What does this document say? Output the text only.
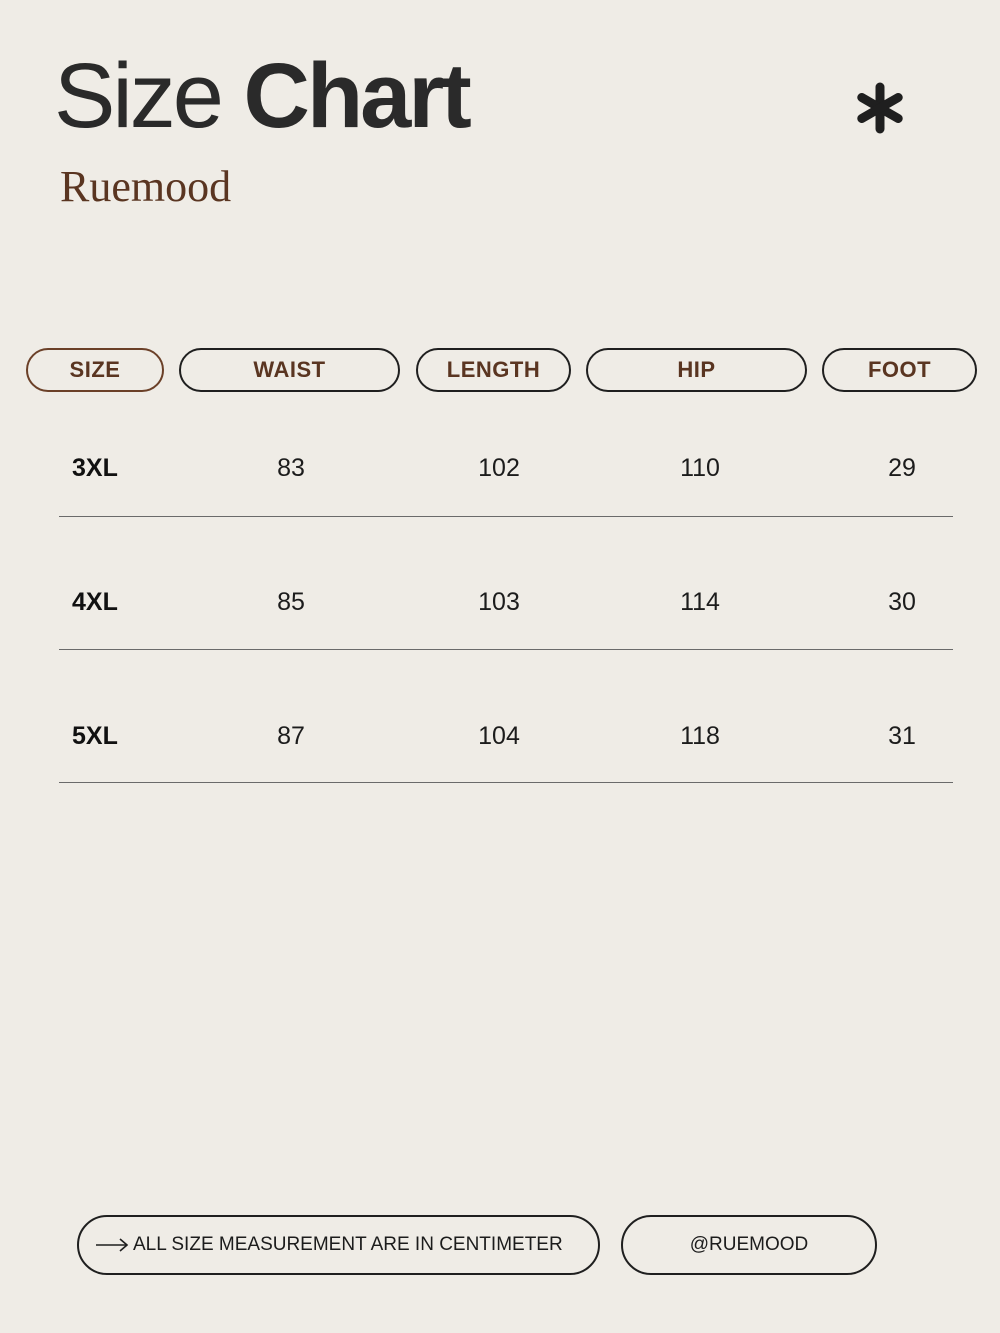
Size Chart
Ruemood
SIZE	WAIST	LENGTH	HIP	FOOT
3XL	83	102	110	29
4XL	85	103	114	30
5XL	87	104	118	31
ALL SIZE MEASUREMENT ARE IN CENTIMETER	@RUEMOOD
